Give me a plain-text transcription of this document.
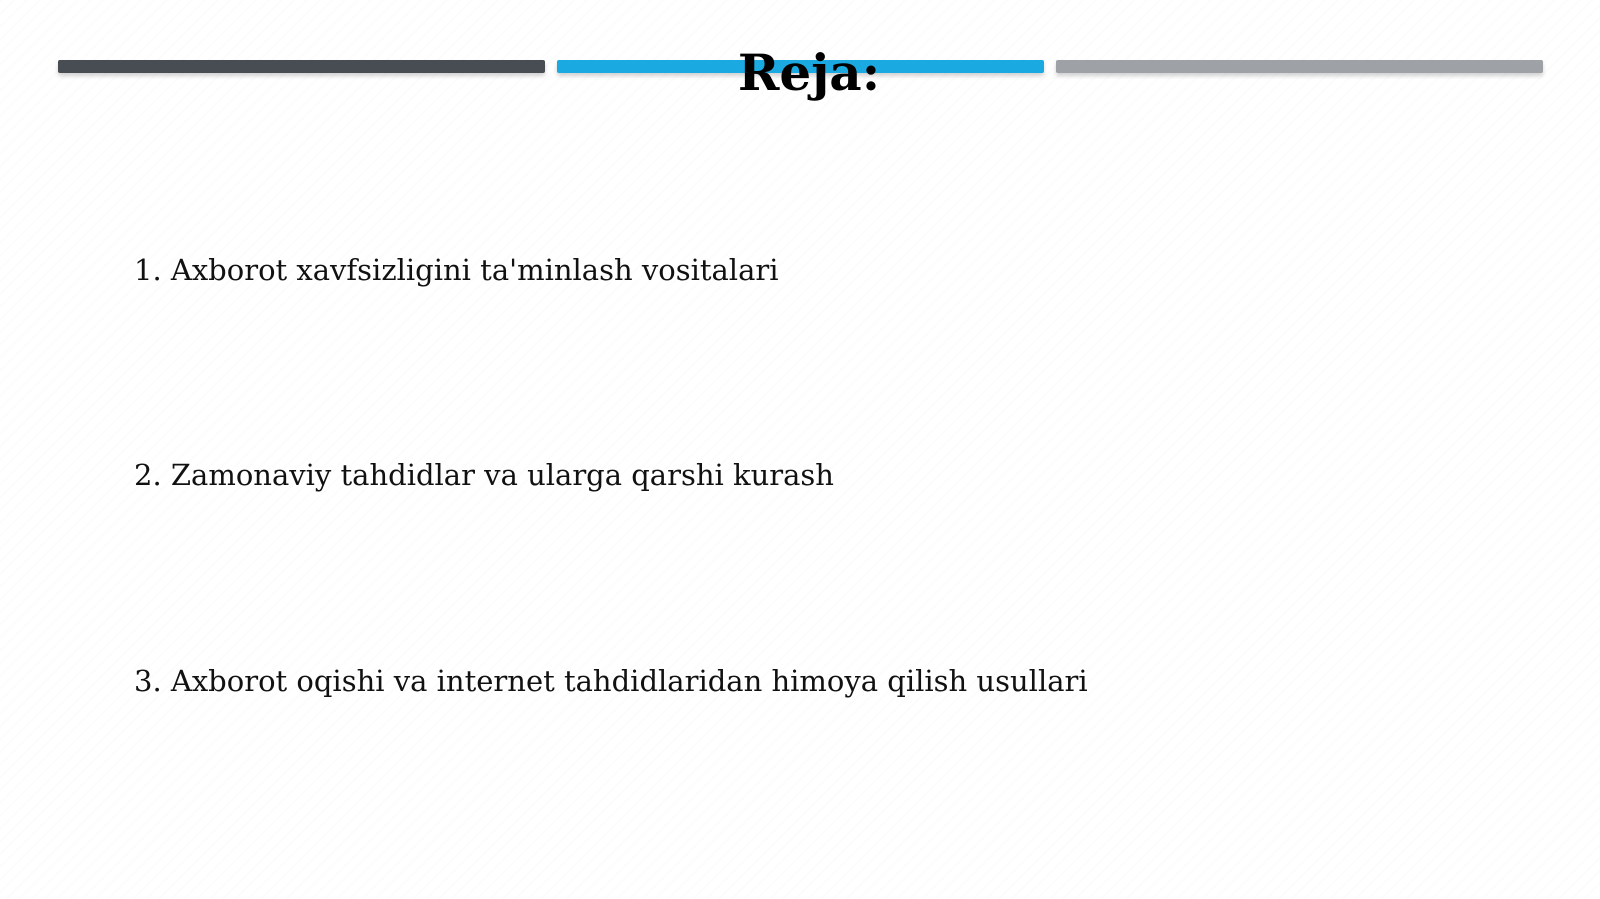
Reja:
1. Axborot xavfsizligini ta'minlash vositalari
2. Zamonaviy tahdidlar va ularga qarshi kurash
3. Axborot oqishi va internet tahdidlaridan himoya qilish usullari
